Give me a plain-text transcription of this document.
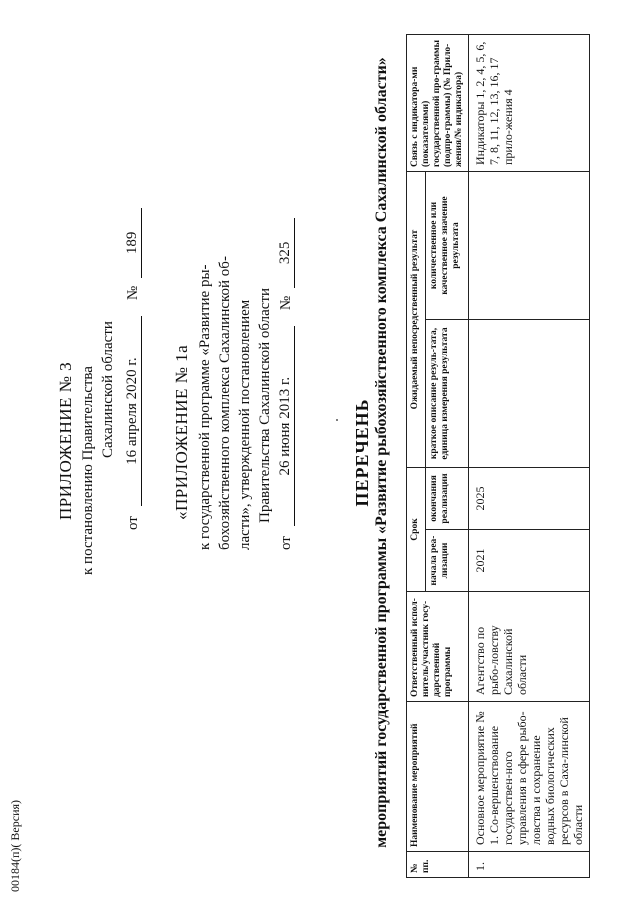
ПРИЛОЖЕНИЕ № 3 к постановлению Правительства Сахалинской области
от
16 апреля 2020 г.
№
189
«ПРИЛОЖЕНИЕ № 1а к государственной программе «Развитие ры- бохозяйственного комплекса Сахалинской об- ласти», утвержденной постановлением Правительства Сахалинской области
от
26 июня 2013 г.
№
325
ПЕРЕЧЕНЬ мероприятий государственной программы «Развитие рыбохозяйственного комплекса Сахалинской области»
№ пп.	Наименование мероприятий	Ответственный испол-нитель/участник госу-дарственной программы	Срок		Ожидаемый непосредственный результат		Связь с индикатора-ми (показателями) государственной про-граммы (подпро-граммы) (№ Прило-жения/№ индикатора)
			начала реа-лизации	окончания реализации	краткое описание резуль-тата, единица измерения результата	количественное или качественное значение результата	
1.	Основное мероприятие № 1. Со-вершенствование государствен-ного управления в сфере рыбо-ловства и сохранение водных биологических ресурсов в Саха-линской области	Агентство по рыбо-ловству Сахалинской области	2021	2025			Индикаторы 1, 2, 4, 5, 6, 7, 8, 11, 12, 13, 16, 17 прило-жения 4
00184(п)( Версия)
